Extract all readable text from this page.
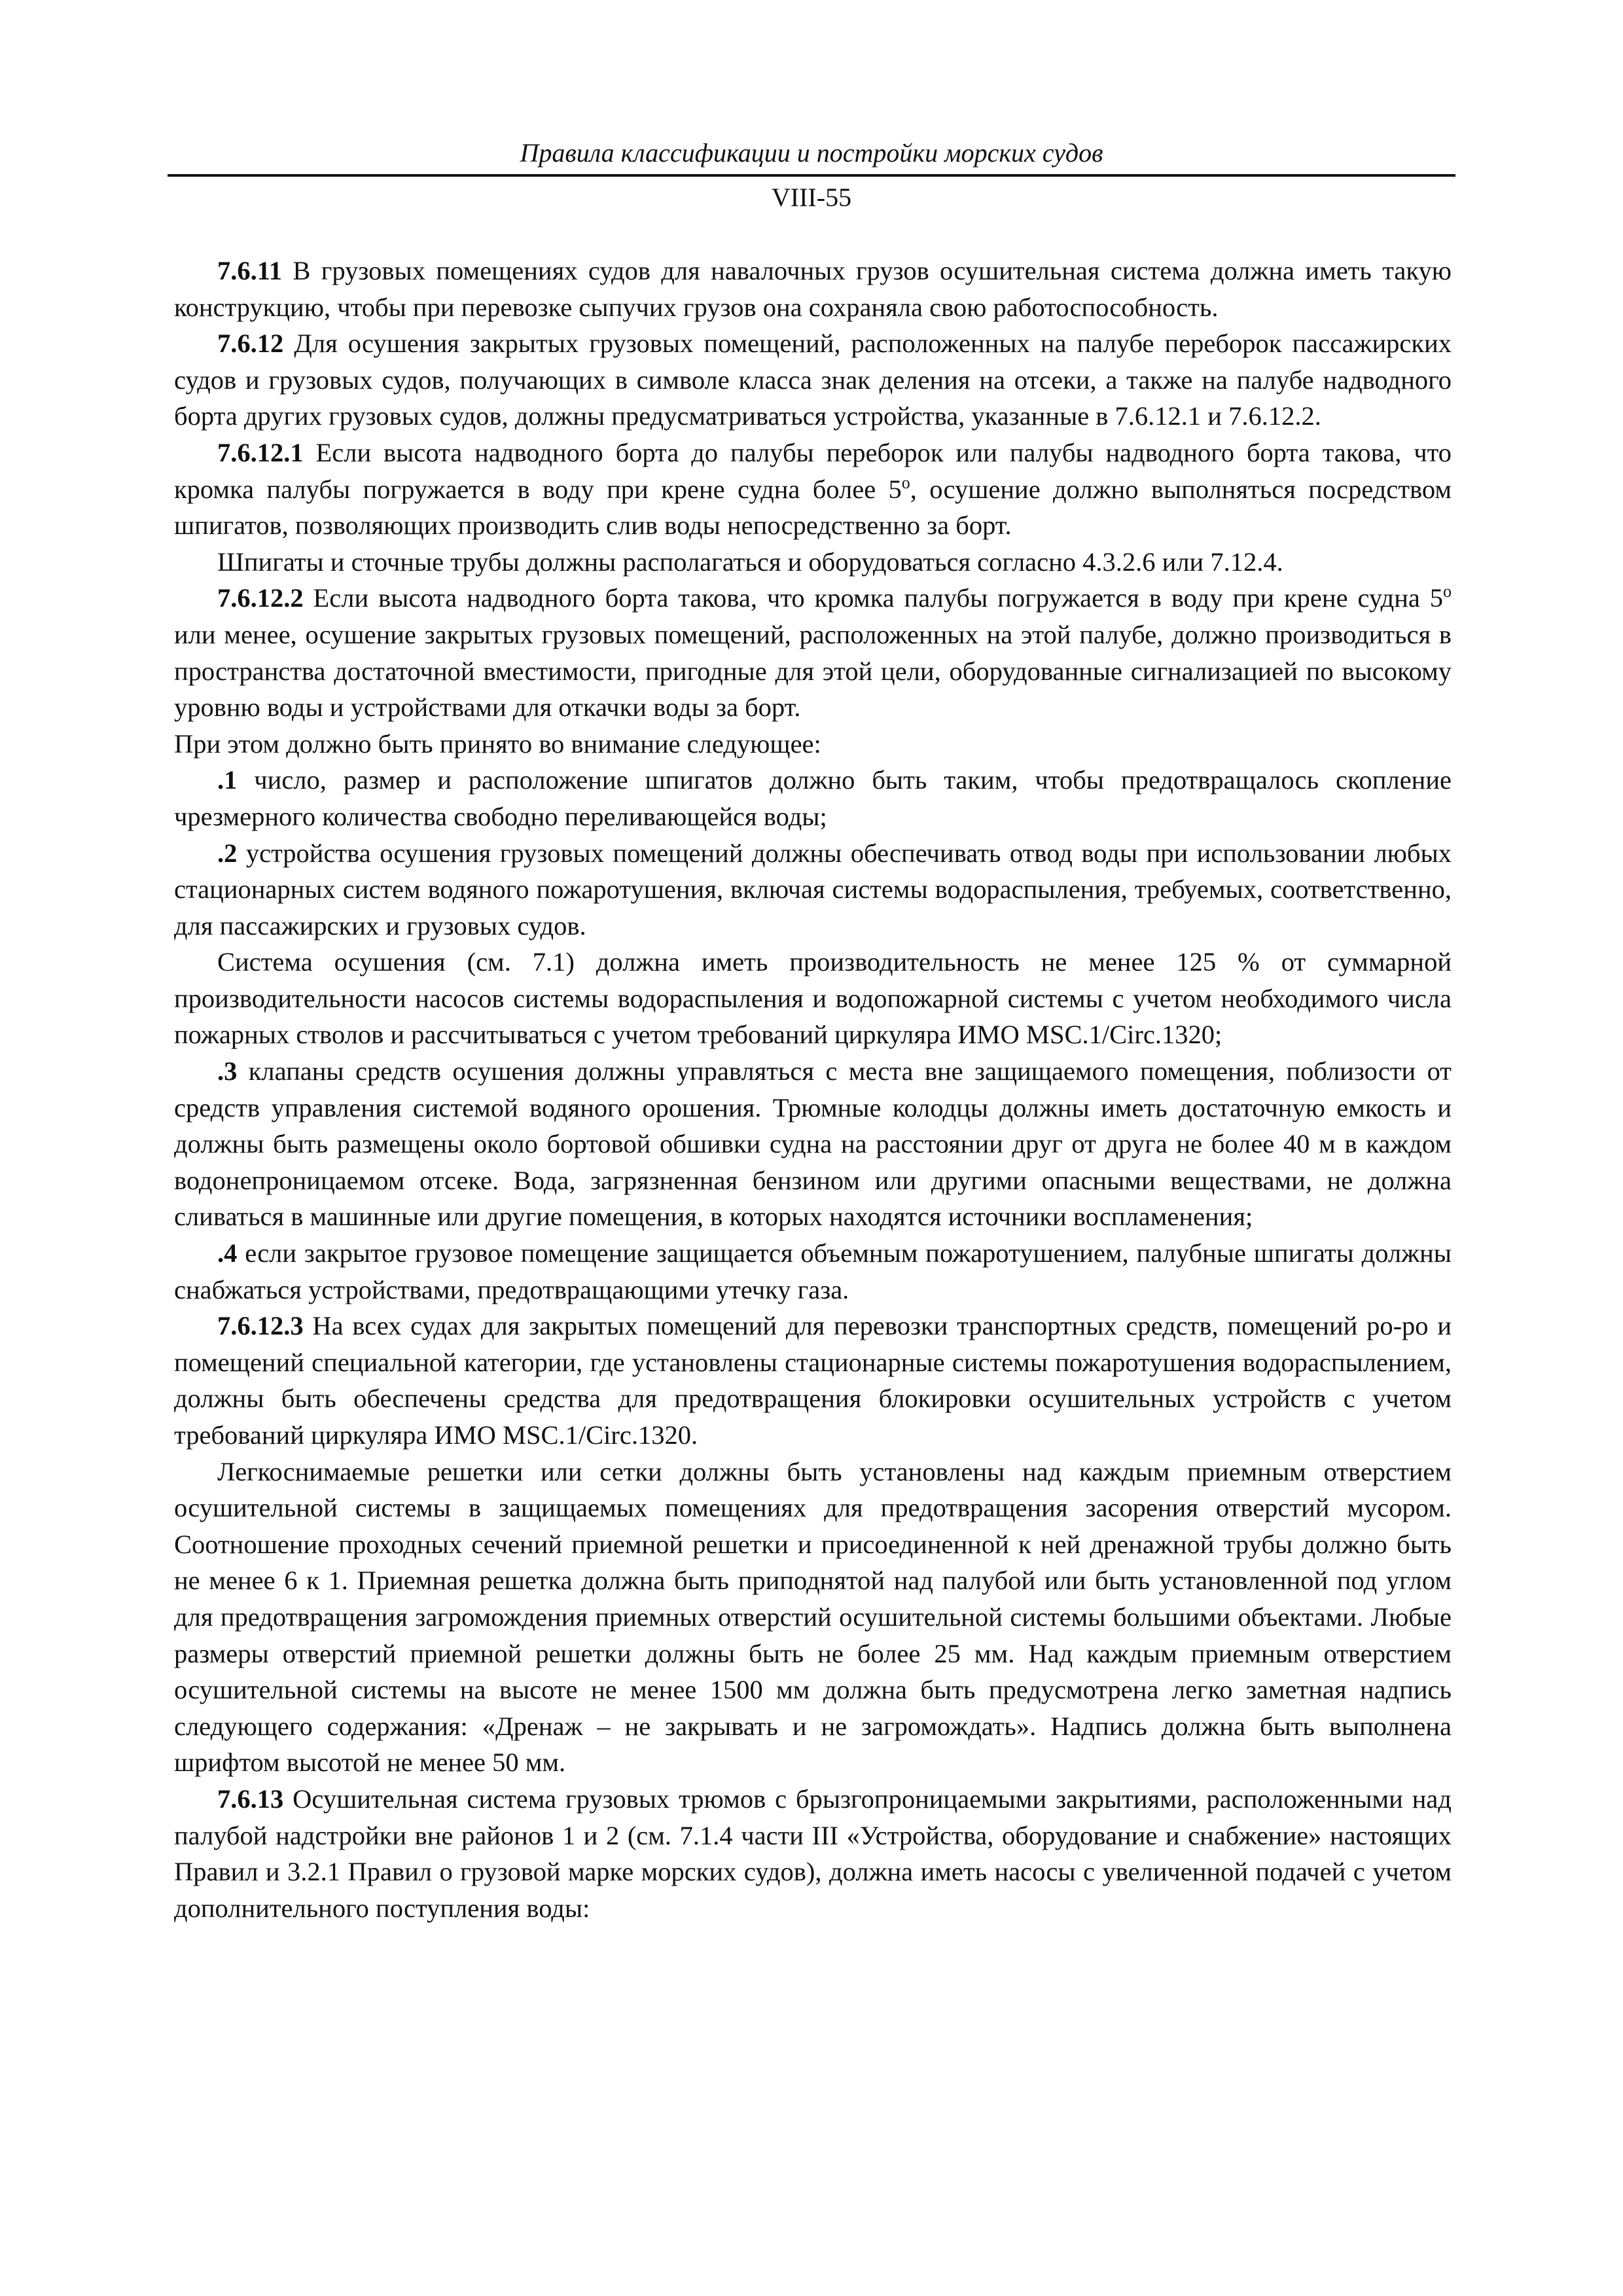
Правила классификации и постройки морских судов
VIII-55

7.6.11 В грузовых помещениях судов для навалочных грузов осушительная система должна иметь такую конструкцию, чтобы при перевозке сыпучих грузов она сохраняла свою работоспособность.

7.6.12 Для осушения закрытых грузовых помещений, расположенных на палубе переборок пассажирских судов и грузовых судов, получающих в символе класса знак деления на отсеки, а также на палубе надводного борта других грузовых судов, должны предусматриваться устройства, указанные в 7.6.12.1 и 7.6.12.2.

7.6.12.1 Если высота надводного борта до палубы переборок или палубы надводного борта такова, что кромка палубы погружается в воду при крене судна более 5$^o$, осушение должно выполняться посредством шпигатов, позволяющих производить слив воды непосредственно за борт.

Шпигаты и сточные трубы должны располагаться и оборудоваться согласно 4.3.2.6 или 7.12.4.

7.6.12.2 Если высота надводного борта такова, что кромка палубы погружается в воду при крене судна 5$^o$ или менее, осушение закрытых грузовых помещений, расположенных на этой палубе, должно производиться в пространства достаточной вместимости, пригодные для этой цели, оборудованные сигнализацией по высокому уровню воды и устройствами для откачки воды за борт.

При этом должно быть принято во внимание следующее:

.1 число, размер и расположение шпигатов должно быть таким, чтобы предотвращалось скопление чрезмерного количества свободно переливающейся воды;

.2 устройства осушения грузовых помещений должны обеспечивать отвод воды при использовании любых стационарных систем водяного пожаротушения, включая системы водораспыления, требуемых, соответственно, для пассажирских и грузовых судов.

Система осушения (см. 7.1) должна иметь производительность не менее 125 % от суммарной производительности насосов системы водораспыления и водопожарной системы с учетом необходимого числа пожарных стволов и рассчитываться с учетом требований циркуляра ИМО MSC.1/Circ.1320;

.3 клапаны средств осушения должны управляться с места вне защищаемого помещения, поблизости от средств управления системой водяного орошения. Трюмные колодцы должны иметь достаточную емкость и должны быть размещены около бортовой обшивки судна на расстоянии друг от друга не более 40 м в каждом водонепроницаемом отсеке. Вода, загрязненная бензином или другими опасными веществами, не должна сливаться в машинные или другие помещения, в которых находятся источники воспламенения;

.4 если закрытое грузовое помещение защищается объемным пожаротушением, палубные шпигаты должны снабжаться устройствами, предотвращающими утечку газа.

7.6.12.3 На всех судах для закрытых помещений для перевозки транспортных средств, помещений ро-ро и помещений специальной категории, где установлены стационарные системы пожаротушения водораспылением, должны быть обеспечены средства для предотвращения блокировки осушительных устройств с учетом требований циркуляра ИМО MSC.1/Circ.1320.

Легкоснимаемые решетки или сетки должны быть установлены над каждым приемным отверстием осушительной системы в защищаемых помещениях для предотвращения засорения отверстий мусором. Соотношение проходных сечений приемной решетки и присоединенной к ней дренажной трубы должно быть не менее 6 к 1. Приемная решетка должна быть приподнятой над палубой или быть установленной под углом для предотвращения загромождения приемных отверстий осушительной системы большими объектами. Любые размеры отверстий приемной решетки должны быть не более 25 мм. Над каждым приемным отверстием осушительной системы на высоте не менее 1500 мм должна быть предусмотрена легко заметная надпись следующего содержания: «Дренаж – не закрывать и не загромождать». Надпись должна быть выполнена шрифтом высотой не менее 50 мм.

7.6.13 Осушительная система грузовых трюмов с брызгопроницаемыми закрытиями, расположенными над палубой надстройки вне районов 1 и 2 (см. 7.1.4 части III «Устройства, оборудование и снабжение» настоящих Правил и 3.2.1 Правил о грузовой марке морских судов), должна иметь насосы с увеличенной подачей с учетом дополнительного поступления воды:
